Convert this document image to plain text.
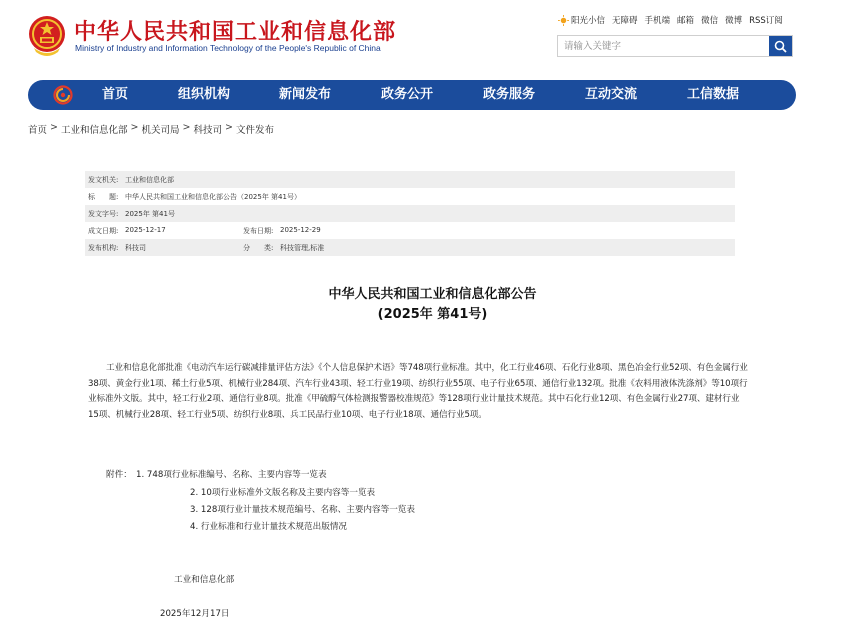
中华人民共和国工业和信息化部
Ministry of Industry and Information Technology of the People's Republic of China
阳光小信 无障碍 手机端 邮箱 微信 微博 RSS订阅
请输入关键字
首页	组织机构	新闻发布	政务公开	政务服务	互动交流	工信数据
首页 > 工业和信息化部 > 机关司局 > 科技司 > 文件发布
发文机关: 工业和信息化部
标　　题: 中华人民共和国工业和信息化部公告（2025年 第41号）
发文字号: 2025年 第41号
成文日期: 2025-12-17	发布日期: 2025-12-29
发布机构: 科技司	分　　类: 科技管理,标准
中华人民共和国工业和信息化部公告
(2025年 第41号)
工业和信息化部批准《电动汽车运行碳减排量评估方法》《个人信息保护术语》等748项行业标准。其中，化工行业46项、石化行业8项、黑色冶金行业52项、有色金属行业38项、黄金行业1项、稀土行业5项、机械行业284项、汽车行业43项、轻工行业19项、纺织行业55项、电子行业65项、通信行业132项。批准《农料用液体洗涤剂》等10项行业标准外文版。其中，轻工行业2项、通信行业8项。批准《甲硫醇气体检测报警器校准规范》等128项行业计量技术规范。其中石化行业12项、有色金属行业27项、建材行业15项、机械行业28项、轻工行业5项、纺织行业8项、兵工民品行业10项、电子行业18项、通信行业5项。
附件： 1. 748项行业标准编号、名称、主要内容等一览表
2. 10项行业标准外文版名称及主要内容等一览表
3. 128项行业计量技术规范编号、名称、主要内容等一览表
4. 行业标准和行业计量技术规范出版情况
工业和信息化部
2025年12月17日
